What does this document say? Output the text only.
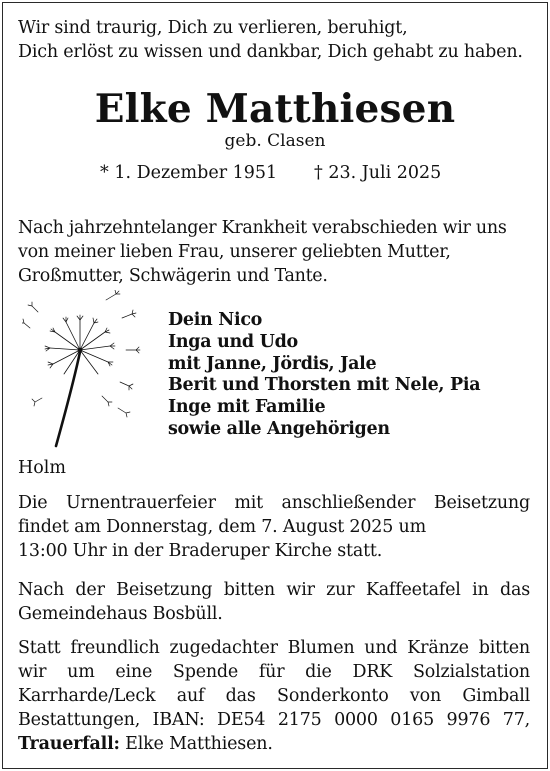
Wir sind traurig, Dich zu verlieren, beruhigt,
Dich erlöst zu wissen und dankbar, Dich gehabt zu haben.
Elke Matthiesen
geb. Clasen
* 1. Dezember 1951 † 23. Juli 2025
Nach jahrzehntelanger Krankheit verabschieden wir uns
von meiner lieben Frau, unserer geliebten Mutter,
Großmutter, Schwägerin und Tante.
Dein Nico
Inga und Udo
mit Janne, Jördis, Jale
Berit und Thorsten mit Nele, Pia
Inge mit Familie
sowie alle Angehörigen
Holm
Die Urnentrauerfeier mit anschließender Beisetzung
findet am Donnerstag, dem 7. August 2025 um
13:00 Uhr in der Braderuper Kirche statt.
Nach der Beisetzung bitten wir zur Kaffeetafel in das
Gemeindehaus Bosbüll.
Statt freundlich zugedachter Blumen und Kränze bitten
wir um eine Spende für die DRK Solzialstation
Karrharde/Leck auf das Sonderkonto von Gimball
Bestattungen, IBAN: DE54 2175 0000 0165 9976 77,
Trauerfall: Elke Matthiesen.
